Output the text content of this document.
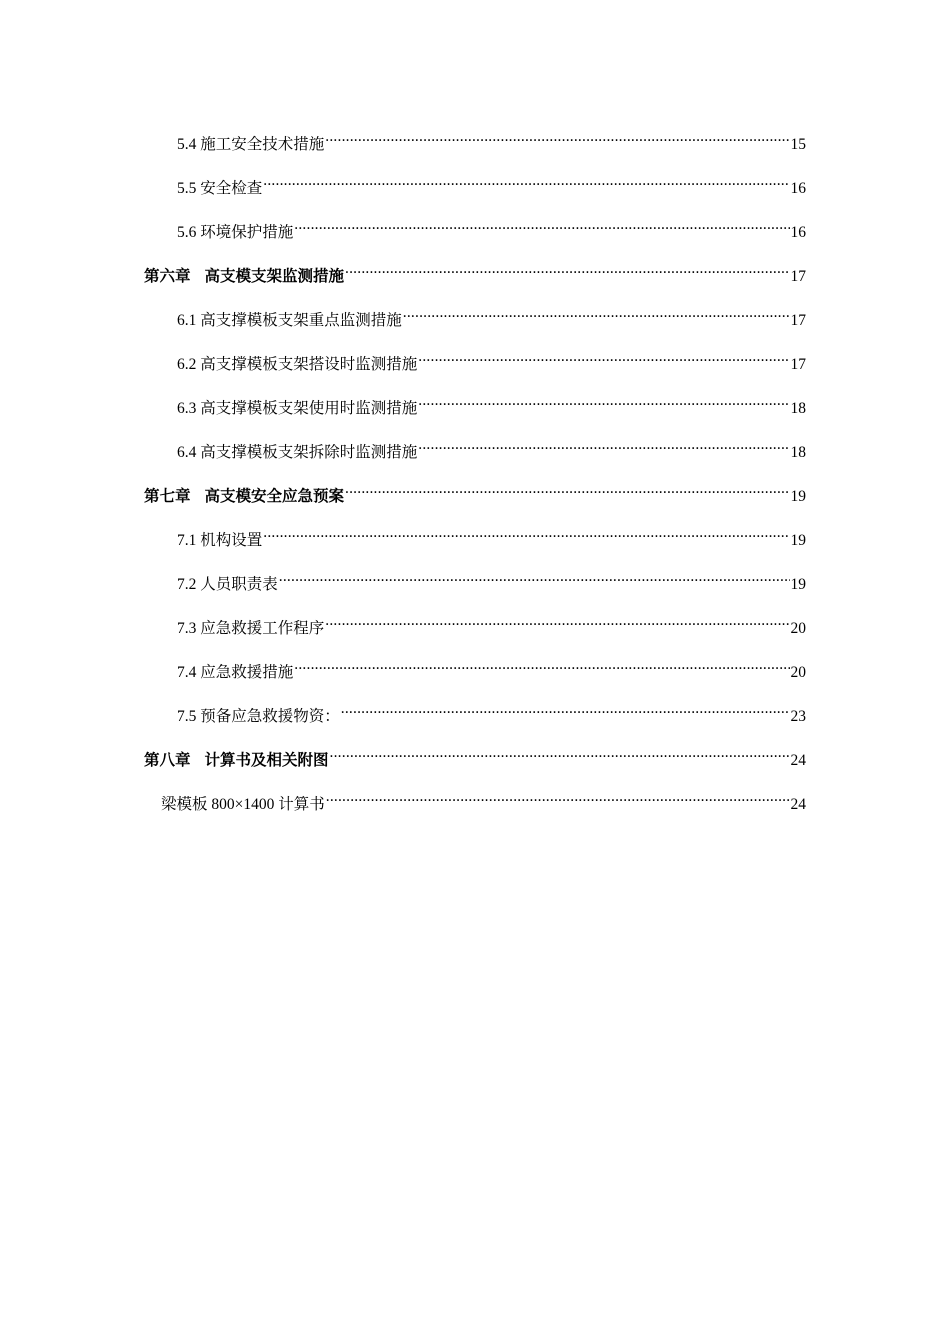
5.4 施工安全技术措施 .....	15
5.5 安全检查 .....	16
5.6 环境保护措施 .....	16
第六章 高支模支架监测措施 .....	17
6.1 高支撑模板支架重点监测措施 .....	17
6.2 高支撑模板支架搭设时监测措施 .....	17
6.3 高支撑模板支架使用时监测措施 .....	18
6.4 高支撑模板支架拆除时监测措施 .....	18
第七章 高支模安全应急预案 .....	19
7.1 机构设置 .....	19
7.2 人员职责表 .....	19
7.3 应急救援工作程序 .....	20
7.4 应急救援措施 .....	20
7.5 预备应急救援物资： .....	23
第八章 计算书及相关附图 .....	24
梁模板 800×1400 计算书 .....	24
